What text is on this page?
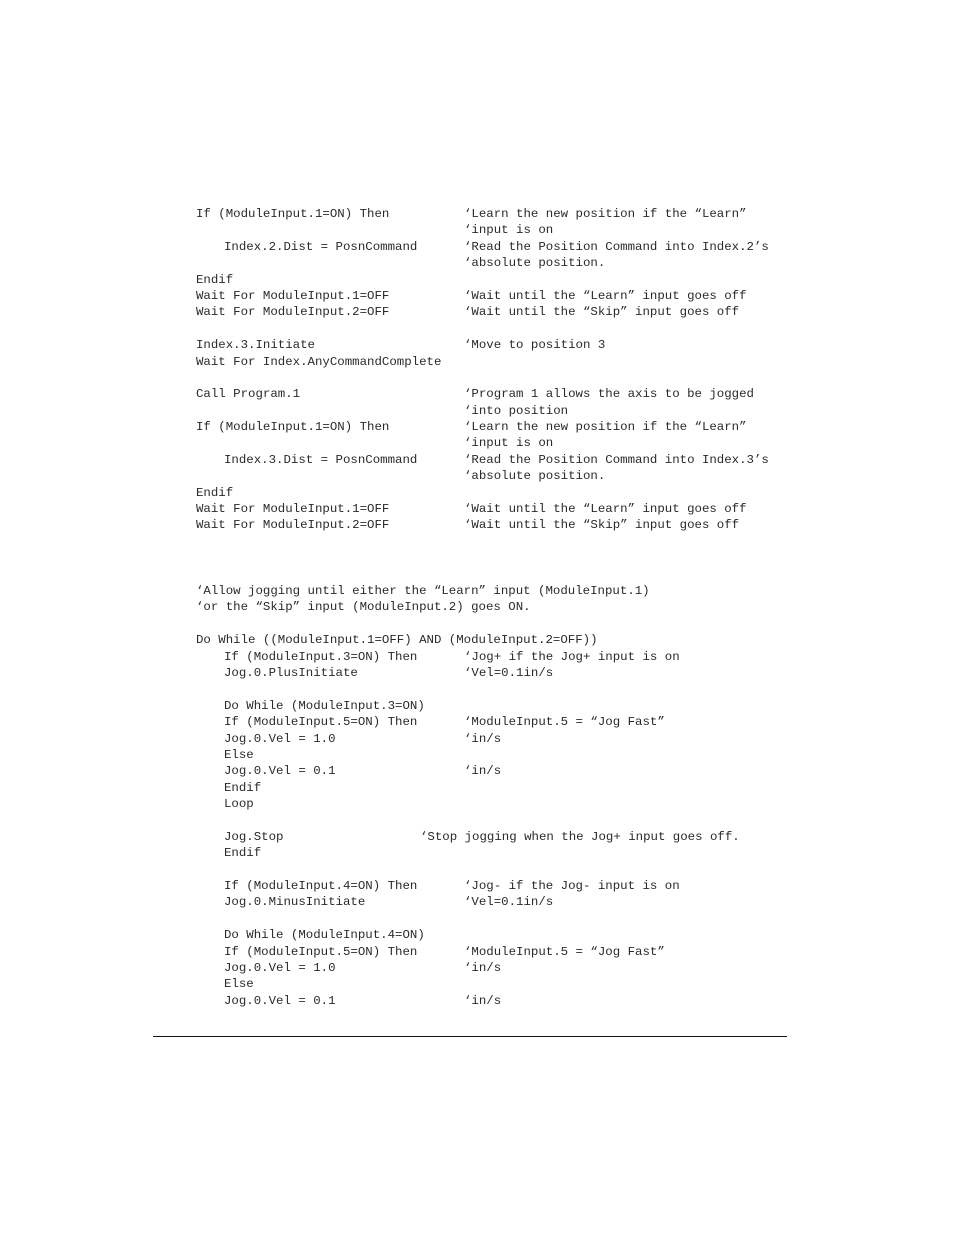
If (ModuleInput.1=ON) Then	‘Learn the new position if the “Learn”
‘input is on
Index.2.Dist = PosnCommand	‘Read the Position Command into Index.2’s
‘absolute position.
Endif
Wait For ModuleInput.1=OFF	‘Wait until the “Learn” input goes off
Wait For ModuleInput.2=OFF	‘Wait until the “Skip” input goes off
Index.3.Initiate	‘Move to position 3
Wait For Index.AnyCommandComplete
Call Program.1	‘Program 1 allows the axis to be jogged
‘into position
If (ModuleInput.1=ON) Then	‘Learn the new position if the “Learn”
‘input is on
Index.3.Dist = PosnCommand	‘Read the Position Command into Index.3’s
‘absolute position.
Endif
Wait For ModuleInput.1=OFF	‘Wait until the “Learn” input goes off
Wait For ModuleInput.2=OFF	‘Wait until the “Skip” input goes off
‘Allow jogging until either the “Learn” input (ModuleInput.1)
‘or the “Skip” input (ModuleInput.2) goes ON.
Do While ((ModuleInput.1=OFF) AND (ModuleInput.2=OFF))
If (ModuleInput.3=ON) Then	‘Jog+ if the Jog+ input is on
Jog.0.PlusInitiate	‘Vel=0.1in/s
Do While (ModuleInput.3=ON)
If (ModuleInput.5=ON) Then	‘ModuleInput.5 = “Jog Fast”
Jog.0.Vel = 1.0	‘in/s
Else
Jog.0.Vel = 0.1	‘in/s
Endif
Loop
Jog.Stop	‘Stop jogging when the Jog+ input goes off.
Endif
If (ModuleInput.4=ON) Then	‘Jog- if the Jog- input is on
Jog.0.MinusInitiate	‘Vel=0.1in/s
Do While (ModuleInput.4=ON)
If (ModuleInput.5=ON) Then	‘ModuleInput.5 = “Jog Fast”
Jog.0.Vel = 1.0	‘in/s
Else
Jog.0.Vel = 0.1	‘in/s
